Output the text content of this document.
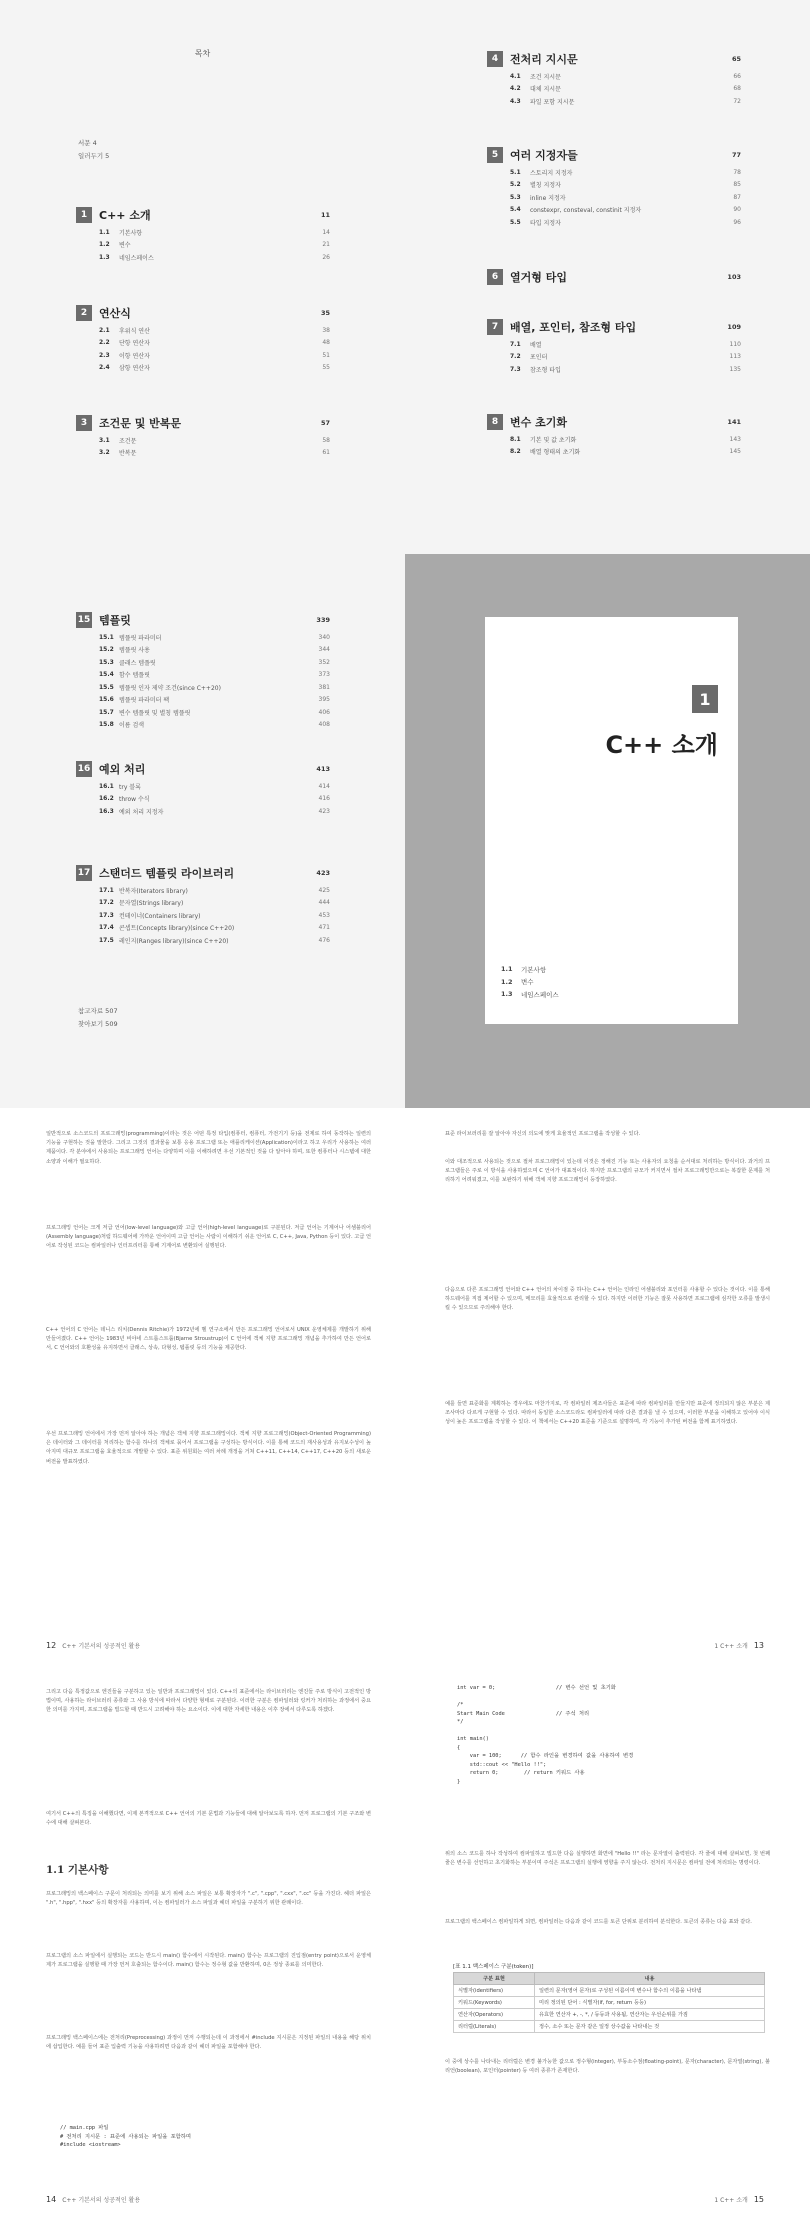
목차
서문 4
일러두기 5
1	C++ 소개	11
1.1	기본사항	14
1.2	변수	21
1.3	네임스페이스	26
2	연산식	35
2.1	후위식 연산	38
2.2	단항 연산자	48
2.3	이항 연산자	51
2.4	삼항 연산자	55
3	조건문 및 반복문	57
3.1	조건문	58
3.2	반복문	61
4	전처리 지시문	65
4.1	조건 지시문	66
4.2	대체 지시문	68
4.3	파일 포함 지시문	72
5	여러 지정자들	77
5.1	스토리지 지정자	78
5.2	별칭 지정자	85
5.3	inline 지정자	87
5.4	constexpr, consteval, constinit 지정자	90
5.5	타입 지정자	96
6	열거형 타입	103
7	배열, 포인터, 참조형 타입	109
7.1	배열	110
7.2	포인터	113
7.3	참조형 타입	135
8	변수 초기화	141
8.1	기본 및 값 초기화	143
8.2	배열 형태의 초기화	145
15 템플릿	339
15.1 템플릿 파라미터	340
15.2 템플릿 사용	344
15.3 클래스 템플릿	352
15.4 함수 템플릿	373
15.5 템플릿 인자 제약 조건(since C++20)	381
15.6 템플릿 파라미터 팩	395
15.7 변수 템플릿 및 별칭 템플릿	406
15.8 이름 검색	408
16 예외 처리	413
16.1 try 블록	414
16.2 throw 수식	416
16.3 예외 처리 지정자	423
17 스탠더드 템플릿 라이브러리	423
17.1 반복자(Iterators library)	425
17.2 문자열(Strings library)	444
17.3 컨테이너(Containers library)	453
17.4 콘셉트(Concepts library)(since C++20)	471
17.5 레인지(Ranges library)(since C++20)	476
참고자료 507
찾아보기 509
1
C++ 소개
1.1	기본사항
1.2	변수
1.3	네임스페이스
일반적으로 소스코드의 프로그래밍(programming)이라는 것은 어떤 특정 타입(컴퓨터, 컴퓨터, 가전기기 등)을 전제로 하여 동작하는 일련의 기능을 구현하는 것을 말한다. 그리고 그것의 결과물을 보통 응용 프로그램 또는 애플리케이션(Application)이라고 하고 우리가 사용하는 여러 제품이다. 각 분야에서 사용되는 프로그래밍 언어는 다양하며 이를 이해하려면 우선 기본적인 것을 다 알아야 하며, 또한 컴퓨터나 시스템에 대한 소양과 이해가 필요하다.
프로그래밍 언어는 크게 저급 언어(low-level language)와 고급 언어(high-level language)로 구분된다. 저급 언어는 기계어나 어셈블리어(Assembly language)처럼 하드웨어에 가까운 언어이며 고급 언어는 사람이 이해하기 쉬운 언어로 C, C++, Java, Python 등이 있다. 고급 언어로 작성된 코드는 컴파일러나 인터프리터를 통해 기계어로 변환되어 실행된다.
C++ 언어의 C 언어는 데니스 리치(Dennis Ritchie)가 1972년에 벨 연구소에서 만든 프로그래밍 언어로서 UNIX 운영체제를 개발하기 위해 만들어졌다. C++ 언어는 1983년 비야네 스트롭스트룹(Bjarne Stroustrup)이 C 언어에 객체 지향 프로그래밍 개념을 추가하여 만든 언어로서, C 언어와의 호환성을 유지하면서 클래스, 상속, 다형성, 템플릿 등의 기능을 제공한다.
우선 프로그래밍 언어에서 가장 먼저 알아야 하는 개념은 객체 지향 프로그래밍이다. 객체 지향 프로그래밍(Object-Oriented Programming)은 데이터와 그 데이터를 처리하는 함수를 하나의 객체로 묶어서 프로그램을 구성하는 방식이다. 이를 통해 코드의 재사용성과 유지보수성이 높아지며 대규모 프로그램을 효율적으로 개발할 수 있다. 표준 위원회는 여러 차례 개정을 거쳐 C++11, C++14, C++17, C++20 등의 새로운 버전을 발표하였다.
12 C++ 기본서의 성공적인 활용
표준 라이브러리를 잘 알아야 자신의 의도에 맞게 효율적인 프로그램을 작성할 수 있다.
이와 대조적으로 사용되는 것으로 절차 프로그래밍이 있는데 이것은 정해진 기능 또는 사용자의 요청을 순서대로 처리하는 방식이다. 과거의 프로그램들은 주로 이 방식을 사용하였으며 C 언어가 대표적이다. 하지만 프로그램의 규모가 커지면서 절차 프로그래밍만으로는 복잡한 문제를 처리하기 어려워졌고, 이를 보완하기 위해 객체 지향 프로그래밍이 등장하였다.
다음으로 다른 프로그래밍 언어와 C++ 언어의 차이점 중 하나는 C++ 언어는 인라인 어셈블리와 포인터를 사용할 수 있다는 것이다. 이를 통해 하드웨어를 직접 제어할 수 있으며, 메모리를 효율적으로 관리할 수 있다. 하지만 이러한 기능은 잘못 사용하면 프로그램에 심각한 오류를 발생시킬 수 있으므로 주의해야 한다.
예를 들면 표준화를 계획하는 경우에도 마찬가지로, 각 컴파일러 제조사들은 표준에 따라 컴파일러를 만들지만 표준에 정의되지 않은 부분은 제조사마다 다르게 구현할 수 있다. 따라서 동일한 소스코드라도 컴파일러에 따라 다른 결과를 낼 수 있으며, 이러한 부분을 이해하고 있어야 이식성이 높은 프로그램을 작성할 수 있다. 이 책에서는 C++20 표준을 기준으로 설명하며, 각 기능이 추가된 버전을 함께 표기하였다.
1 C++ 소개 13
그리고 다음 특정값으로 엔진들을 구분하고 있는 일반과 프로그래밍이 있다. C++의 표준에서는 라이브러리는 엔진들 주로 방식이 고전적인 방법이며, 사용하는 라이브러리 종류와 그 사용 방식에 따라서 다양한 형태로 구분된다. 이러한 구분은 컴파일러와 링커가 처리하는 과정에서 중요한 의미를 가지며, 프로그램을 빌드할 때 반드시 고려해야 하는 요소이다. 이에 대한 자세한 내용은 이후 장에서 다루도록 하겠다.
여기서 C++의 특징을 이해했다면, 이제 본격적으로 C++ 언어의 기본 문법과 기능들에 대해 알아보도록 하자. 먼저 프로그램의 기본 구조와 변수에 대해 살펴본다.
1.1 기본사항
프로그래밍의 백스페이스 구문이 처리되는 의미를 보기 위해 소스 파일은 보통 확장자가 ".c", ".cpp", ".cxx", ".cc" 등을 가진다. 헤더 파일은 ".h", ".hpp", ".hxx" 등의 확장자를 사용하며, 이는 컴파일러가 소스 파일과 헤더 파일을 구분하기 위한 관례이다.
프로그램의 소스 파일에서 실행되는 코드는 반드시 main() 함수에서 시작된다. main() 함수는 프로그램의 진입점(entry point)으로서 운영체제가 프로그램을 실행할 때 가장 먼저 호출되는 함수이다. main() 함수는 정수형 값을 반환하며, 0은 정상 종료를 의미한다.
프로그래밍 백스페이스에는 전처리(Preprocessing) 과정이 먼저 수행되는데 이 과정에서 #include 지시문은 지정된 파일의 내용을 해당 위치에 삽입한다. 예를 들어 표준 입출력 기능을 사용하려면 다음과 같이 헤더 파일을 포함해야 한다.
// main.cpp 파일
# 전처리 지시문 : 표준에 사용되는 파일을 포함하며
#include <iostream>
14 C++ 기본서의 성공적인 활용
int var = 0;                   // 변수 선언 및 초기화

/*
Start Main Code                // 주석 처리
*/

int main()
{
var = 100;      // 함수 라인을 변경하여 값을 사용하여 변경
std::cout << "Hello !!";
return 0;        // return 키워드 사용
}
위의 소스 코드를 하나 작성하여 컴파일하고 빌드한 다음 실행하면 화면에 "Hello !!" 라는 문자열이 출력된다. 각 줄에 대해 살펴보면, 첫 번째 줄은 변수를 선언하고 초기화하는 부분이며 주석은 프로그램의 실행에 영향을 주지 않는다. 전처리 지시문은 컴파일 전에 처리되는 명령이다.
프로그램의 백스페이스 컴파일하게 되면, 컴파일러는 다음과 같이 코드를 토큰 단위로 분리하여 분석한다. 토큰의 종류는 다음 표와 같다.
[표 1.1 백스페이스 구분(token)]
구분 표현	내용
식별자(identifiers)	일련의 문자(영어 문자)로 구성된 이름이며 변수나 함수의 이름을 나타냄
키워드(Keywords)	미리 정의된 단어 : 식별자(if, for, return 등등)
연산자(Operators)	유효한 연산자 +, -, *, / 등등과 사용됨, 연산자는 우선순위를 가짐
리터럴(Literals)	정수, 소수 또는 문자 같은 일정 상수값을 나타내는 것
이 중에 상수를 나타내는 리터럴은 변경 불가능한 값으로 정수형(integer), 부동소수점(floating-point), 문자(character), 문자열(string), 불리언(boolean), 포인터(pointer) 등 여러 종류가 존재한다.
1 C++ 소개 15
